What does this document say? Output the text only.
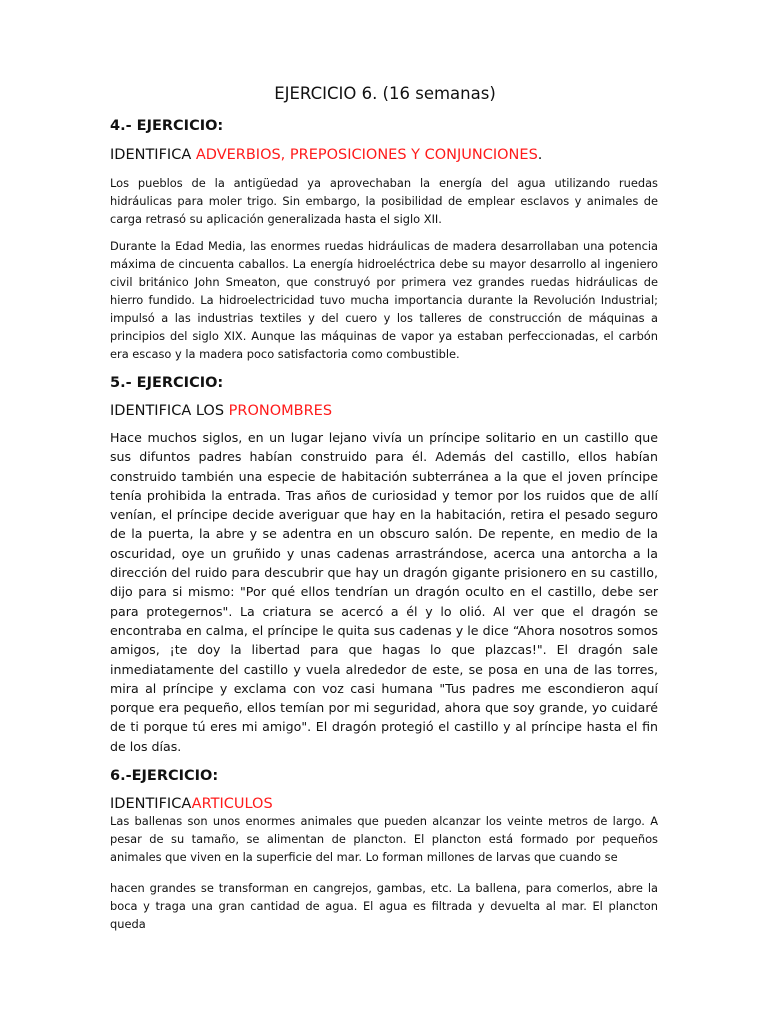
EJERCICIO 6. (16 semanas)
4.- EJERCICIO:
IDENTIFICA ADVERBIOS, PREPOSICIONES Y CONJUNCIONES.

Los pueblos de la antigüedad ya aprovechaban la energía del agua utilizando ruedas hidráulicas para moler trigo. Sin embargo, la posibilidad de emplear esclavos y animales de carga retrasó su aplicación generalizada hasta el siglo XII.

Durante la Edad Media, las enormes ruedas hidráulicas de madera desarrollaban una potencia máxima de cincuenta caballos. La energía hidroeléctrica debe su mayor desarrollo al ingeniero civil británico John Smeaton, que construyó por primera vez grandes ruedas hidráulicas de hierro fundido. La hidroelectricidad tuvo mucha importancia durante la Revolución Industrial; impulsó a las industrias textiles y del cuero y los talleres de construcción de máquinas a principios del siglo XIX. Aunque las máquinas de vapor ya estaban perfeccionadas, el carbón era escaso y la madera poco satisfactoria como combustible.

5.- EJERCICIO:
IDENTIFICA LOS PRONOMBRES

Hace muchos siglos, en un lugar lejano vivía un príncipe solitario en un castillo que sus difuntos padres habían construido para él. Además del castillo, ellos habían construido también una especie de habitación subterránea a la que el joven príncipe tenía prohibida la entrada. Tras años de curiosidad y temor por los ruidos que de allí venían, el príncipe decide averiguar que hay en la habitación, retira el pesado seguro de la puerta, la abre y se adentra en un obscuro salón. De repente, en medio de la oscuridad, oye un gruñido y unas cadenas arrastrándose, acerca una antorcha a la dirección del ruido para descubrir que hay un dragón gigante prisionero en su castillo, dijo para si mismo: "Por qué ellos tendrían un dragón oculto en el castillo, debe ser para protegernos". La criatura se acercó a él y lo olió. Al ver que el dragón se encontraba en calma, el príncipe le quita sus cadenas y le dice “Ahora nosotros somos amigos, ¡te doy la libertad para que hagas lo que plazcas!". El dragón sale inmediatamente del castillo y vuela alrededor de este, se posa en una de las torres, mira al príncipe y exclama con voz casi humana "Tus padres me escondieron aquí porque era pequeño, ellos temían por mi seguridad, ahora que soy grande, yo cuidaré de ti porque tú eres mi amigo". El dragón protegió el castillo y al príncipe hasta el fin de los días.

6.-EJERCICIO:
IDENTIFICAARTICULOS

Las ballenas son unos enormes animales que pueden alcanzar los veinte metros de largo. A pesar de su tamaño, se alimentan de plancton. El plancton está formado por pequeños animales que viven en la superficie del mar. Lo forman millones de larvas que cuando se

hacen grandes se transforman en cangrejos, gambas, etc. La ballena, para comerlos, abre la boca y traga una gran cantidad de agua. El agua es filtrada y devuelta al mar. El plancton queda
